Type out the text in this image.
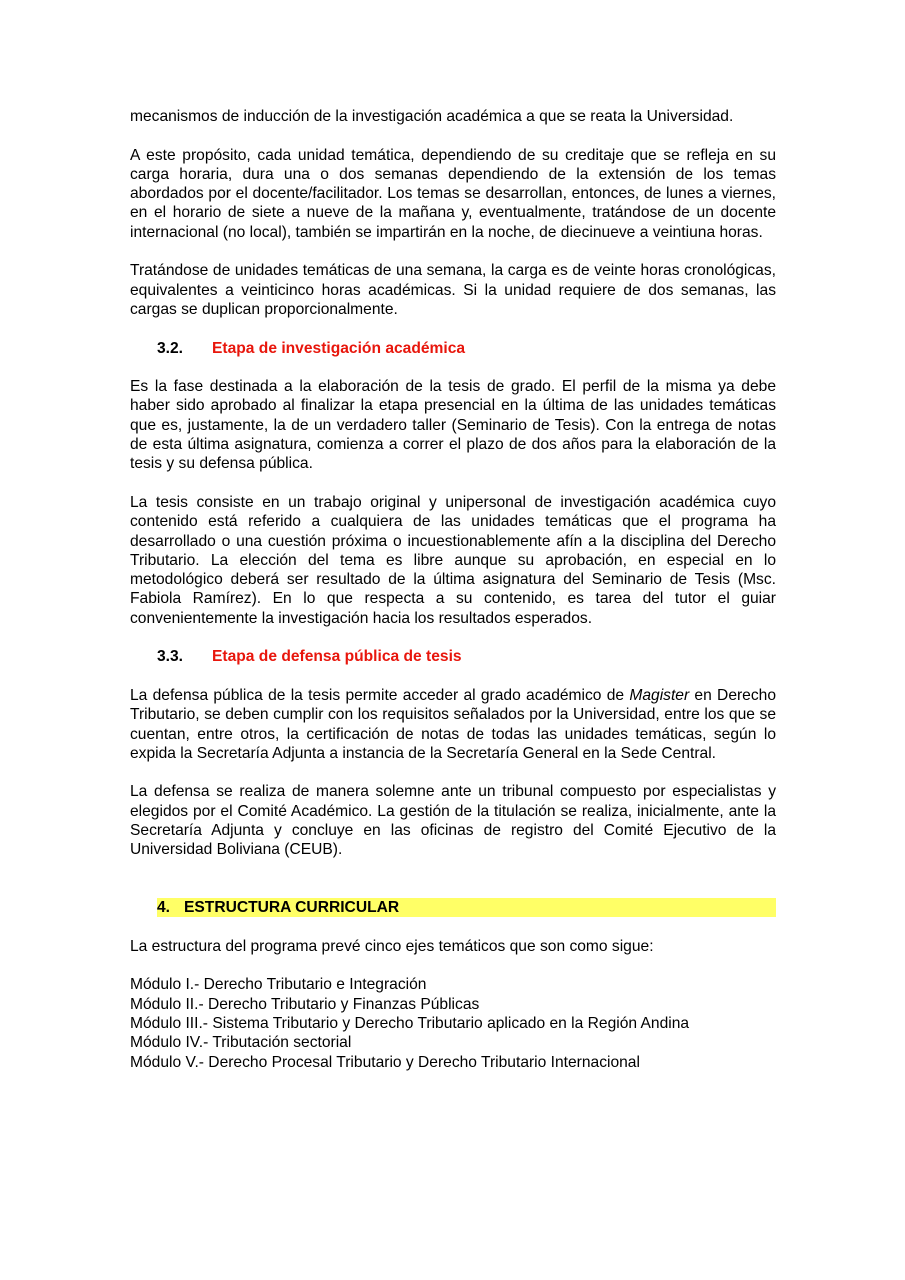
mecanismos de inducción de la investigación académica a que se reata la Universidad.

A este propósito, cada unidad temática, dependiendo de su creditaje que se refleja en su carga horaria, dura una o dos semanas dependiendo de la extensión de los temas abordados por el docente/facilitador. Los temas se desarrollan, entonces, de lunes a viernes, en el horario de siete a nueve de la mañana y, eventualmente, tratándose de un docente internacional (no local), también se impartirán en la noche, de diecinueve a veintiuna horas.

Tratándose de unidades temáticas de una semana, la carga es de veinte horas cronológicas, equivalentes a veinticinco horas académicas. Si la unidad requiere de dos semanas, las cargas se duplican proporcionalmente.

3.2. Etapa de investigación académica

Es la fase destinada a la elaboración de la tesis de grado. El perfil de la misma ya debe haber sido aprobado al finalizar la etapa presencial en la última de las unidades temáticas que es, justamente, la de un verdadero taller (Seminario de Tesis). Con la entrega de notas de esta última asignatura, comienza a correr el plazo de dos años para la elaboración de la tesis y su defensa pública.

La tesis consiste en un trabajo original y unipersonal de investigación académica cuyo contenido está referido a cualquiera de las unidades temáticas que el programa ha desarrollado o una cuestión próxima o incuestionablemente afín a la disciplina del Derecho Tributario. La elección del tema es libre aunque su aprobación, en especial en lo metodológico deberá ser resultado de la última asignatura del Seminario de Tesis (Msc. Fabiola Ramírez). En lo que respecta a su contenido, es tarea del tutor el guiar convenientemente la investigación hacia los resultados esperados.

3.3. Etapa de defensa pública de tesis

La defensa pública de la tesis permite acceder al grado académico de Magister en Derecho Tributario, se deben cumplir con los requisitos señalados por la Universidad, entre los que se cuentan, entre otros, la certificación de notas de todas las unidades temáticas, según lo expida la Secretaría Adjunta a instancia de la Secretaría General en la Sede Central.

La defensa se realiza de manera solemne ante un tribunal compuesto por especialistas y elegidos por el Comité Académico. La gestión de la titulación se realiza, inicialmente, ante la Secretaría Adjunta y concluye en las oficinas de registro del Comité Ejecutivo de la Universidad Boliviana (CEUB).

4. ESTRUCTURA CURRICULAR

La estructura del programa prevé cinco ejes temáticos que son como sigue:

Módulo I.- Derecho Tributario e Integración

Módulo II.- Derecho Tributario y Finanzas Públicas

Módulo III.- Sistema Tributario y Derecho Tributario aplicado en la Región Andina

Módulo IV.- Tributación sectorial

Módulo V.- Derecho Procesal Tributario y Derecho Tributario Internacional
